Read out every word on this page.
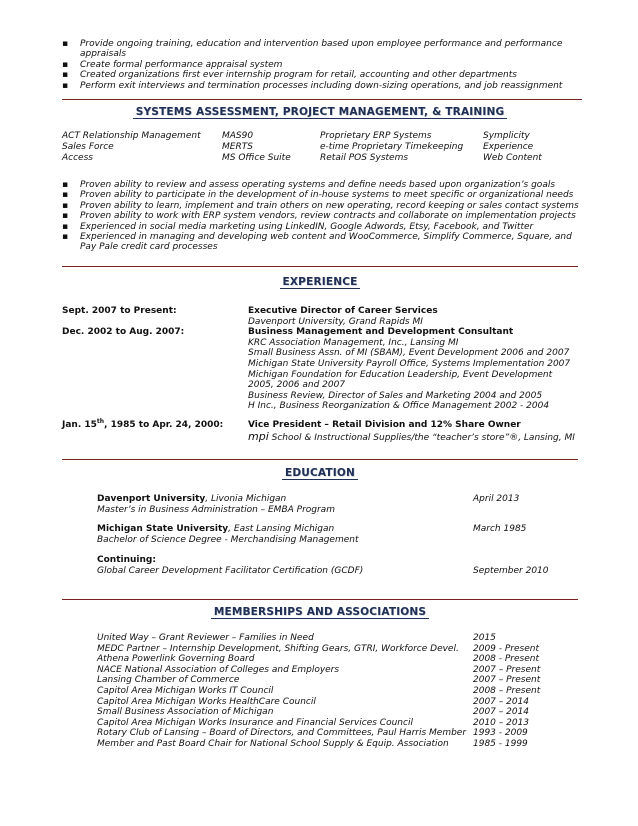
▪ Provide ongoing training, education and intervention based upon employee performance and performance appraisals
▪ Create formal performance appraisal system
▪ Created organizations first ever internship program for retail, accounting and other departments
▪ Perform exit interviews and termination processes including down-sizing operations, and job reassignment
SYSTEMS ASSESSMENT, PROJECT MANAGEMENT, & TRAINING
ACT Relationship Management	MAS90	Proprietary ERP Systems	Symplicity
Sales Force	MERTS	e-time Proprietary Timekeeping	Experience
Access	MS Office Suite	Retail POS Systems	Web Content
▪ Proven ability to review and assess operating systems and define needs based upon organization’s goals
▪ Proven ability to participate in the development of in-house systems to meet specific or organizational needs
▪ Proven ability to learn, implement and train others on new operating, record keeping or sales contact systems
▪ Proven ability to work with ERP system vendors, review contracts and collaborate on implementation projects
▪ Experienced in social media marketing using LinkedIN, Google Adwords, Etsy, Facebook, and Twitter
▪ Experienced in managing and developing web content and WooCommerce, Simplify Commerce, Square, and Pay Pale credit card processes
EXPERIENCE
Sept. 2007 to Present:	Executive Director of Career Services
Davenport University, Grand Rapids MI
Dec. 2002 to Aug. 2007:	Business Management and Development Consultant
KRC Association Management, Inc., Lansing MI
Small Business Assn. of MI (SBAM), Event Development 2006 and 2007
Michigan State University Payroll Office, Systems Implementation 2007
Michigan Foundation for Education Leadership, Event Development
2005, 2006 and 2007
Business Review, Director of Sales and Marketing 2004 and 2005
H Inc., Business Reorganization & Office Management 2002 - 2004
Jan. 15th, 1985 to Apr. 24, 2000:	Vice President – Retail Division and 12% Share Owner
mpi School & Instructional Supplies/the “teacher’s store”®, Lansing, MI
EDUCATION
Davenport University, Livonia Michigan	April 2013
Master’s in Business Administration – EMBA Program
Michigan State University, East Lansing Michigan	March 1985
Bachelor of Science Degree - Merchandising Management
Continuing:
Global Career Development Facilitator Certification (GCDF)	September 2010
MEMBERSHIPS AND ASSOCIATIONS
United Way – Grant Reviewer – Families in Need	2015
MEDC Partner – Internship Development, Shifting Gears, GTRI, Workforce Devel.	2009 - Present
Athena Powerlink Governing Board	2008 - Present
NACE National Association of Colleges and Employers	2007 – Present
Lansing Chamber of Commerce	2007 – Present
Capitol Area Michigan Works IT Council	2008 – Present
Capitol Area Michigan Works HealthCare Council	2007 – 2014
Small Business Association of Michigan	2007 – 2014
Capitol Area Michigan Works Insurance and Financial Services Council	2010 – 2013
Rotary Club of Lansing – Board of Directors, and Committees, Paul Harris Member 1993 - 2009
Member and Past Board Chair for National School Supply & Equip. Association	1985 - 1999
